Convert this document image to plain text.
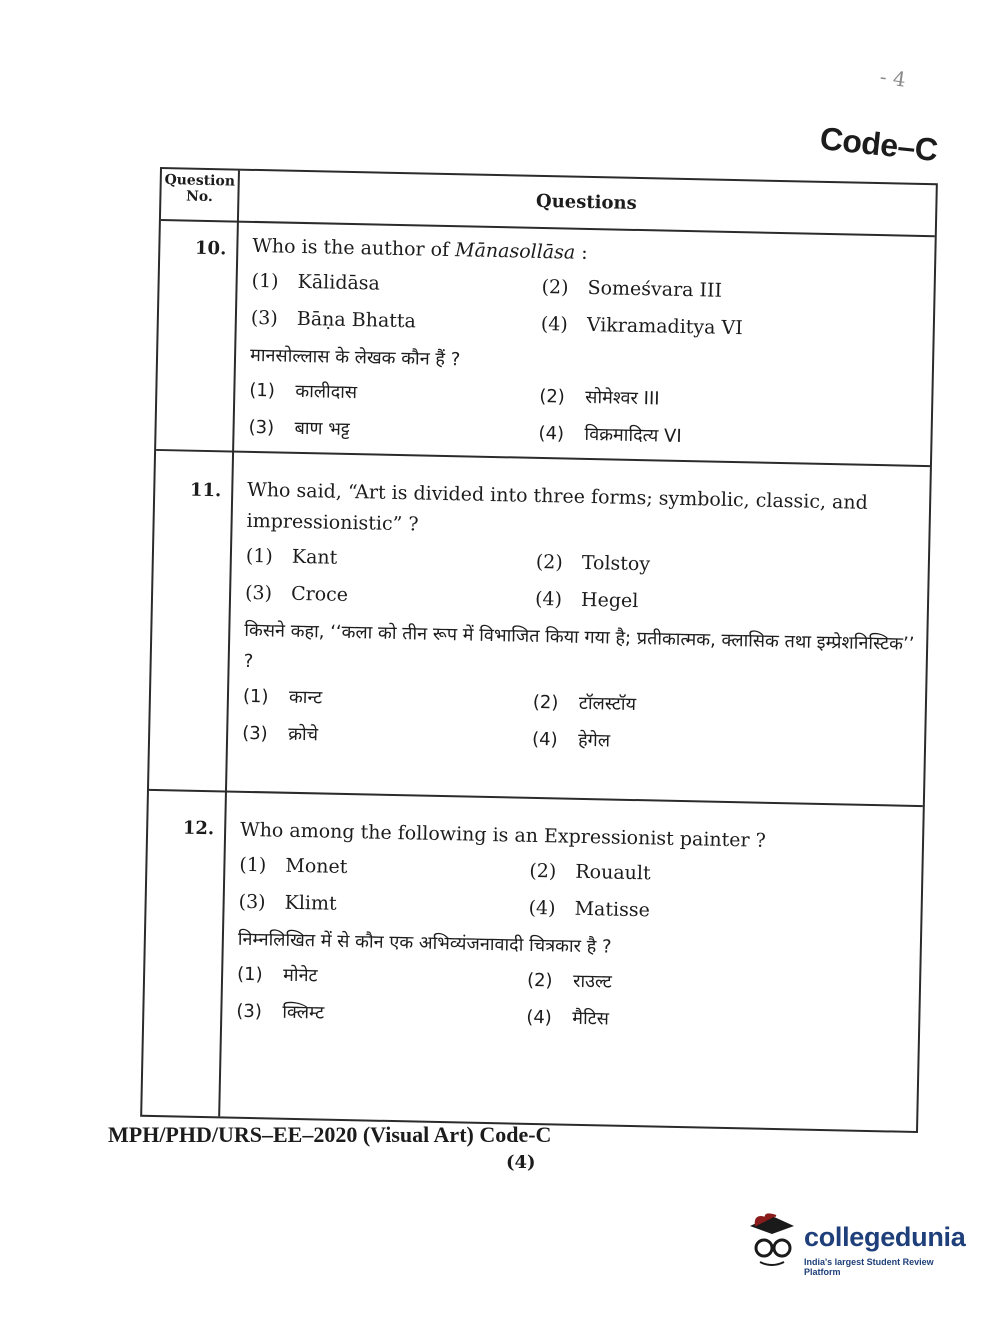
- 4
Code–C
Question
No.	Questions
10. Who is the author of Mānasollāsa :

(1) Kālidāsa	(2) Someśvara III
(3) Bāṇa Bhatta	(4) Vikramaditya VI

मानसोल्लास के लेखक कौन हैं ?

(1) कालीदास	(2) सोमेश्वर III
(3) बाण भट्ट	(4) विक्रमादित्य VI
11. Who said, “Art is divided into three forms; symbolic, classic, and impressionistic” ?

(1) Kant	(2) Tolstoy
(3) Croce	(4) Hegel

किसने कहा, ‘‘कला को तीन रूप में विभाजित किया गया है; प्रतीकात्मक, क्लासिक तथा इम्प्रेशनिस्टिक’’ ?

(1) कान्ट	(2) टॉलस्टॉय
(3) क्रोचे	(4) हेगेल
12. Who among the following is an Expressionist painter ?

(1) Monet	(2) Rouault
(3) Klimt	(4) Matisse

निम्नलिखित में से कौन एक अभिव्यंजनावादी चित्रकार है ?

(1) मोनेट	(2) राउल्ट
(3) क्लिम्ट	(4) मैटिस
MPH/PHD/URS–EE–2020 (Visual Art) Code-C
(4)
collegedunia
India's largest Student Review Platform
